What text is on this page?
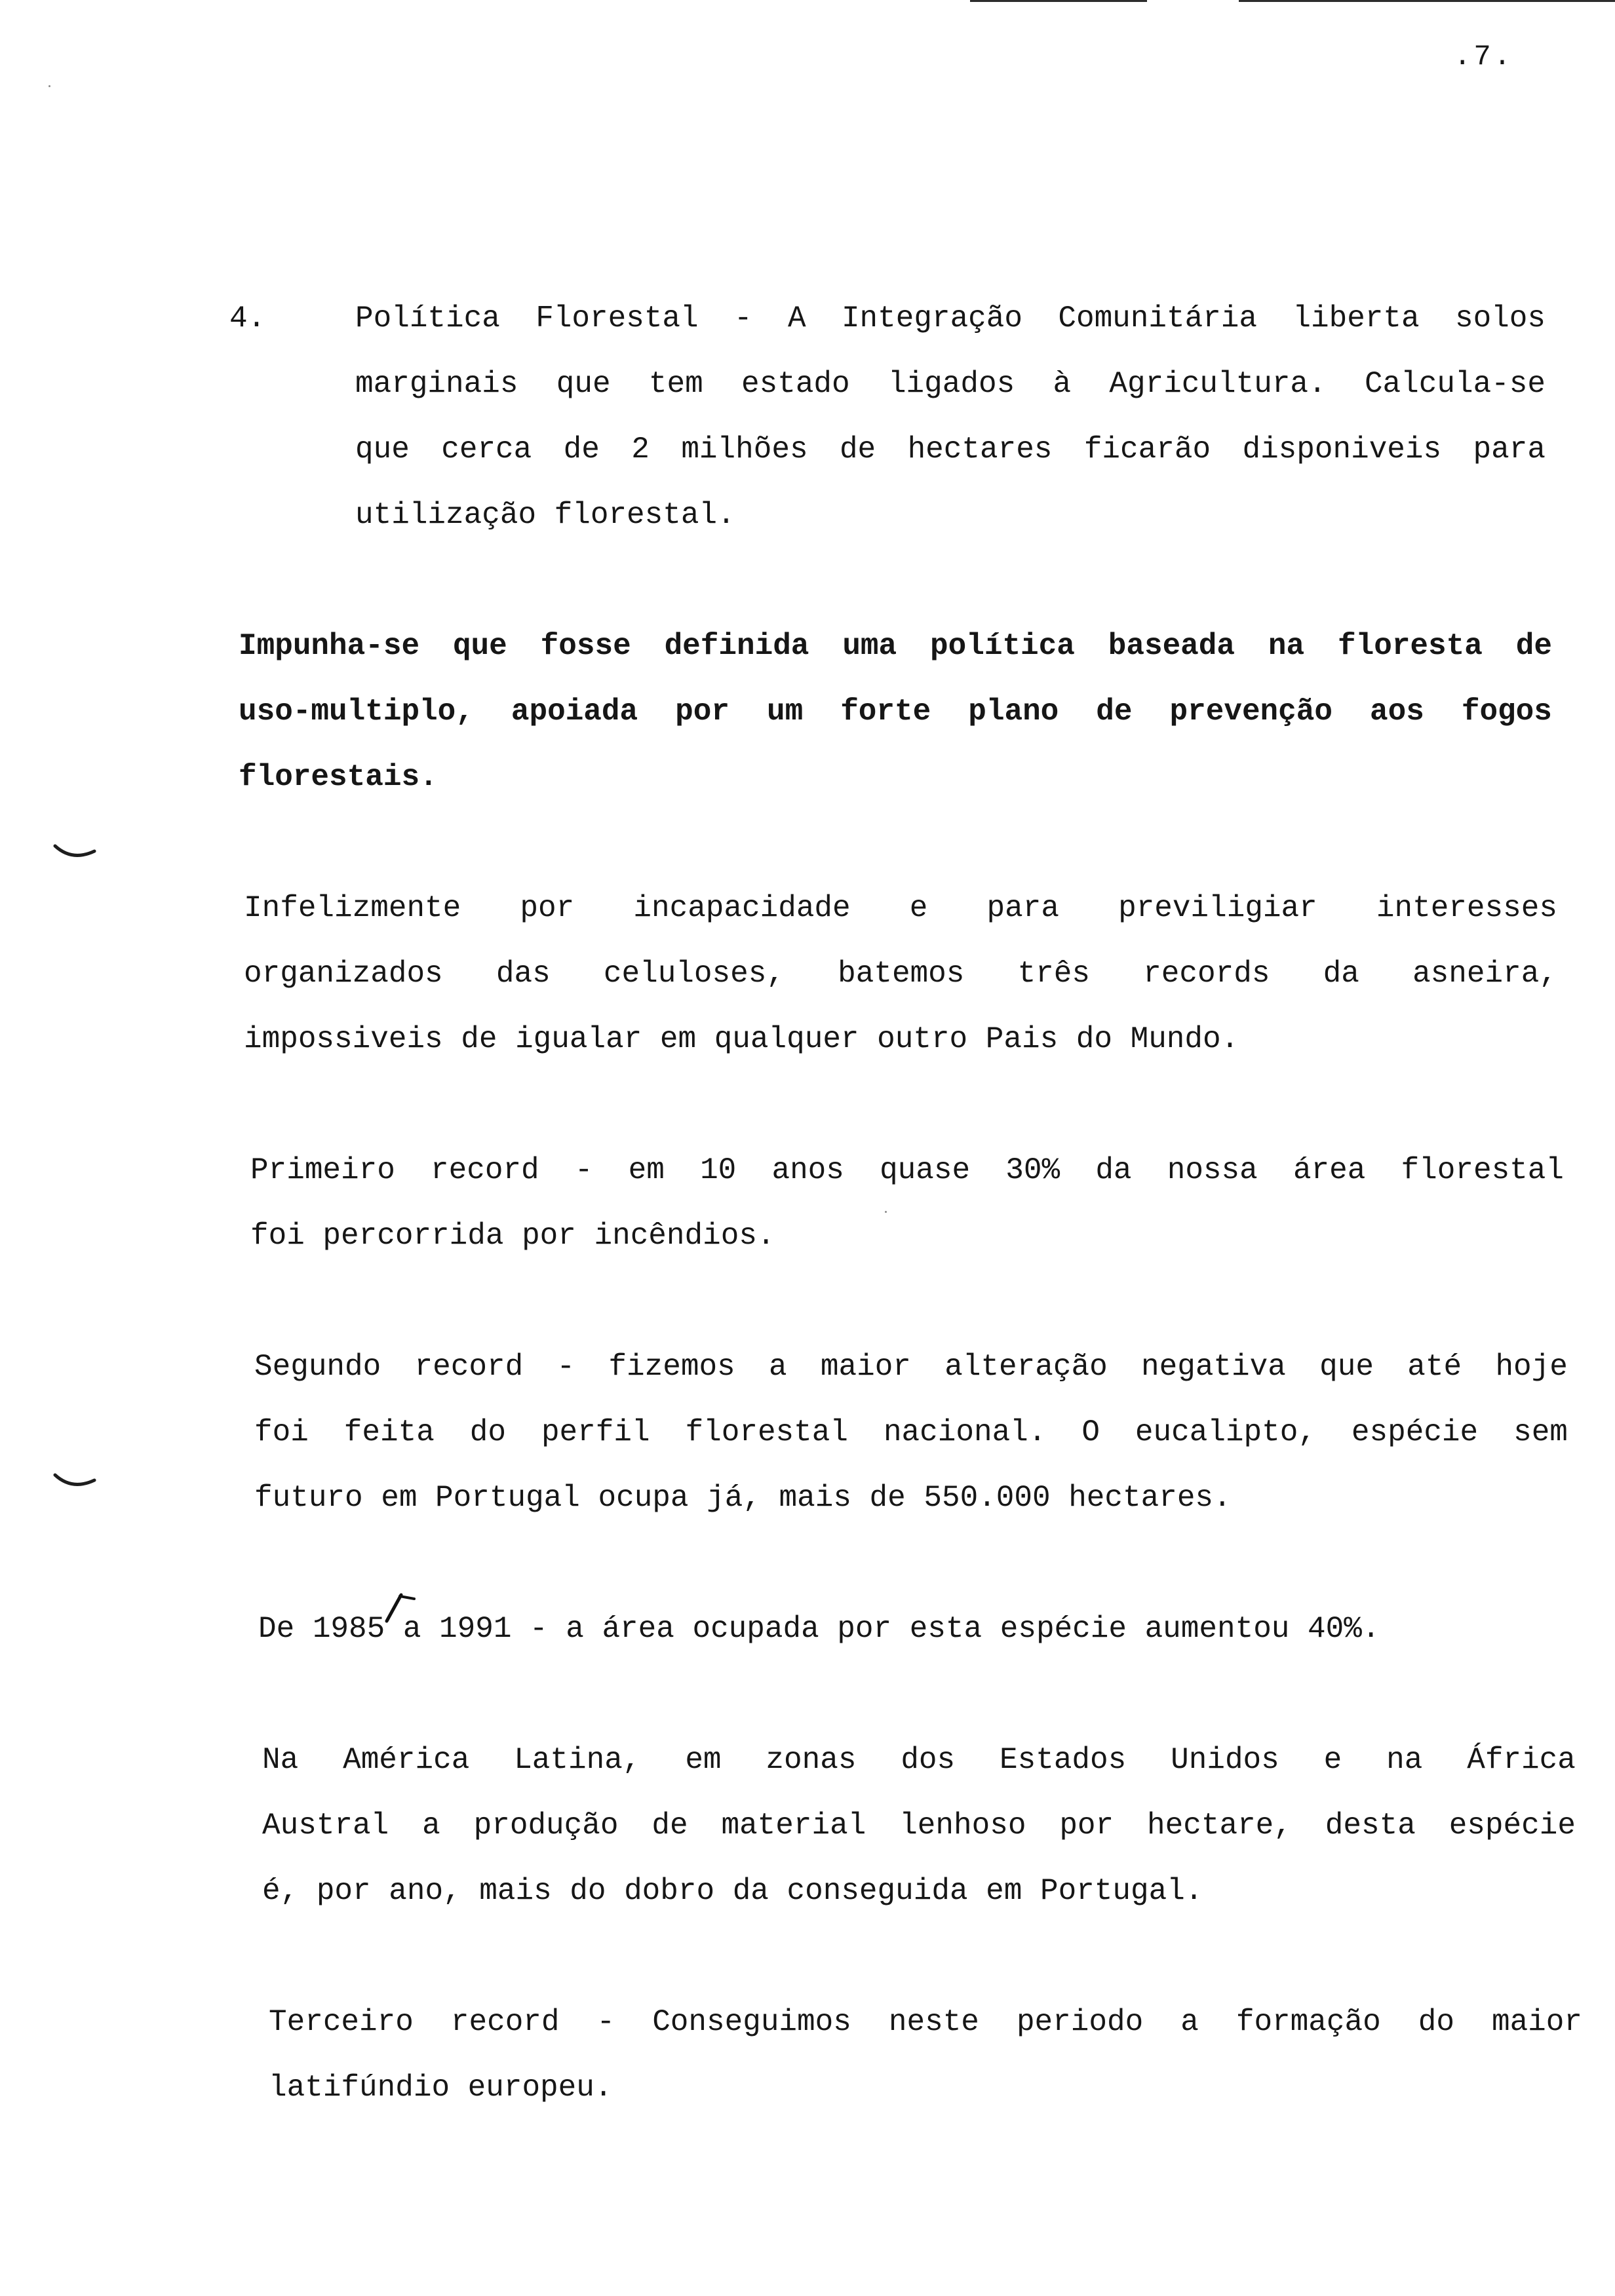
.7.
4.	Política Florestal - A Integração Comunitária liberta solos
marginais que tem estado ligados à Agricultura. Calcula-se
que cerca de 2 milhões de hectares ficarão disponiveis para
utilização florestal.
Impunha-se que fosse definida uma política baseada na floresta de
uso-multiplo, apoiada por um forte plano de prevenção aos fogos
florestais.
Infelizmente por incapacidade e para previligiar interesses
organizados das celuloses, batemos três records da asneira,
impossiveis de igualar em qualquer outro Pais do Mundo.
Primeiro record - em 10 anos quase 30% da nossa área florestal
foi percorrida por incêndios.
Segundo record - fizemos a maior alteração negativa que até hoje
foi feita do perfil florestal nacional. O eucalipto, espécie sem
futuro em Portugal ocupa já, mais de 550.000 hectares.
De 1985 a 1991 - a área ocupada por esta espécie aumentou 40%.
Na América Latina, em zonas dos Estados Unidos e na África
Austral a produção de material lenhoso por hectare, desta espécie
é, por ano, mais do dobro da conseguida em Portugal.
Terceiro record - Conseguimos neste periodo a formação do maior
latifúndio europeu.
